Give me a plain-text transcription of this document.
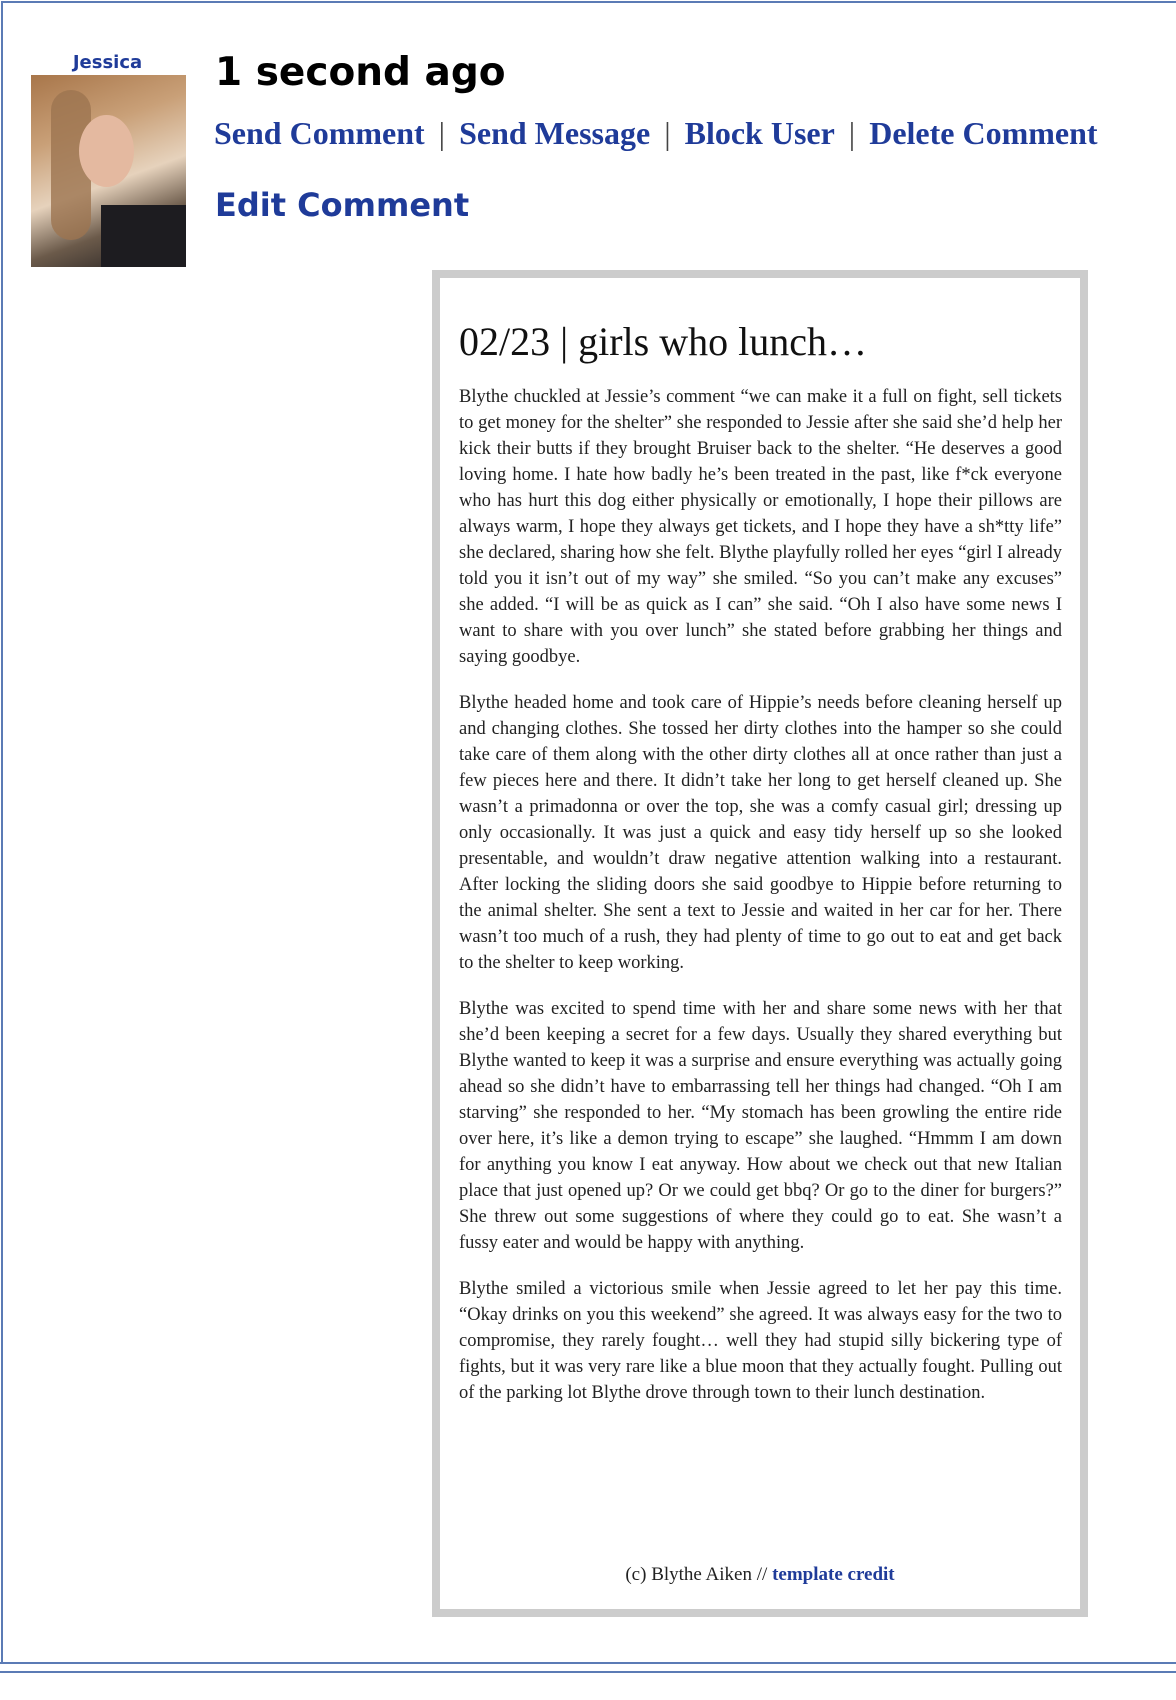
Jessica	1 second ago
Send Comment | Send Message | Block User | Delete Comment
Edit Comment
02/23 | girls who lunch…

Blythe chuckled at Jessie’s comment “we can make it a full on fight, sell tickets to get money for the shelter” she responded to Jessie after she said she’d help her kick their butts if they brought Bruiser back to the shelter. “He deserves a good loving home. I hate how badly he’s been treated in the past, like f*ck everyone who has hurt this dog either physically or emotionally, I hope their pillows are always warm, I hope they always get tickets, and I hope they have a sh*tty life” she declared, sharing how she felt. Blythe playfully rolled her eyes “girl I already told you it isn’t out of my way” she smiled. “So you can’t make any excuses” she added. “I will be as quick as I can” she said. “Oh I also have some news I want to share with you over lunch” she stated before grabbing her things and saying goodbye.

Blythe headed home and took care of Hippie’s needs before cleaning herself up and changing clothes. She tossed her dirty clothes into the hamper so she could take care of them along with the other dirty clothes all at once rather than just a few pieces here and there. It didn’t take her long to get herself cleaned up. She wasn’t a primadonna or over the top, she was a comfy casual girl; dressing up only occasionally. It was just a quick and easy tidy herself up so she looked presentable, and wouldn’t draw negative attention walking into a restaurant. After locking the sliding doors she said goodbye to Hippie before returning to the animal shelter. She sent a text to Jessie and waited in her car for her. There wasn’t too much of a rush, they had plenty of time to go out to eat and get back to the shelter to keep working.

Blythe was excited to spend time with her and share some news with her that she’d been keeping a secret for a few days. Usually they shared everything but Blythe wanted to keep it was a surprise and ensure everything was actually going ahead so she didn’t have to embarrassing tell her things had changed. “Oh I am starving” she responded to her. “My stomach has been growling the entire ride over here, it’s like a demon trying to escape” she laughed. “Hmmm I am down for anything you know I eat anyway. How about we check out that new Italian place that just opened up? Or we could get bbq? Or go to the diner for burgers?” She threw out some suggestions of where they could go to eat. She wasn’t a fussy eater and would be happy with anything.

Blythe smiled a victorious smile when Jessie agreed to let her pay this time. “Okay drinks on you this weekend” she agreed. It was always easy for the two to compromise, they rarely fought… well they had stupid silly bickering type of fights, but it was very rare like a blue moon that they actually fought. Pulling out of the parking lot Blythe drove through town to their lunch destination.

(c) Blythe Aiken // template credit
